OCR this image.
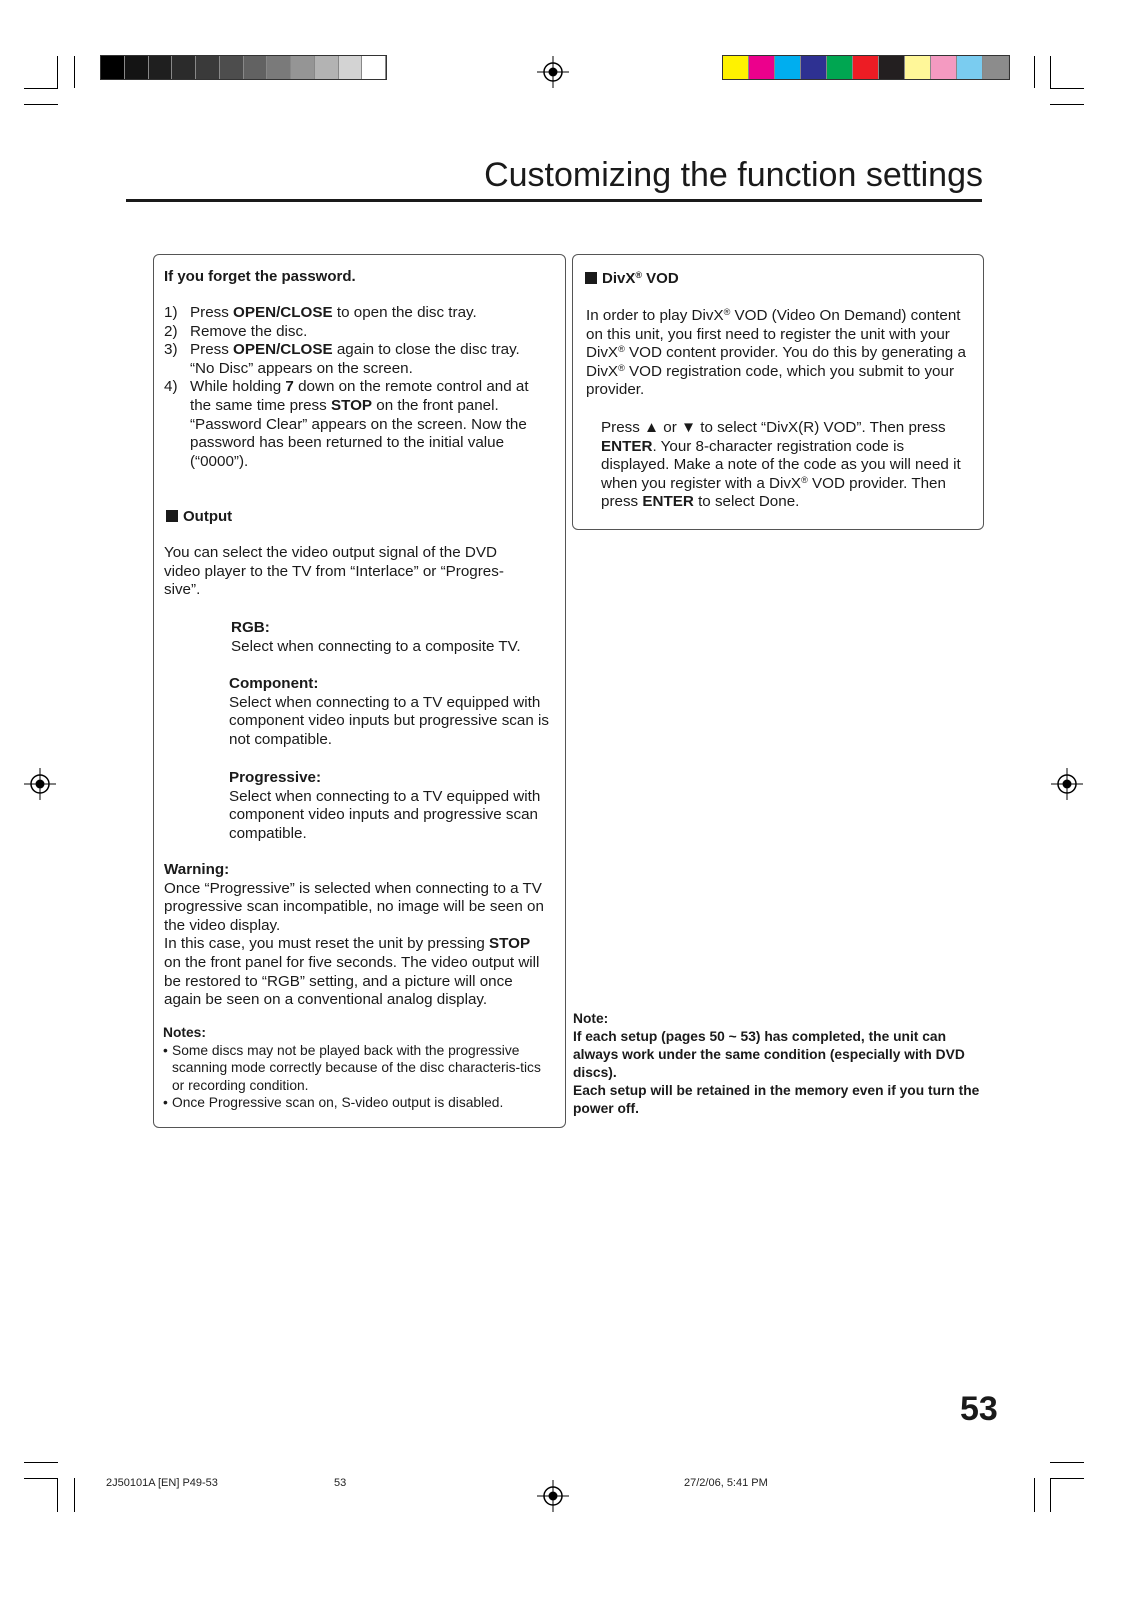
Customizing the function settings
If you forget the password.
1) Press OPEN/CLOSE to open the disc tray.
2) Remove the disc.
3) Press OPEN/CLOSE again to close the disc tray. “No Disc” appears on the screen.
4) While holding 7 down on the remote control and at the same time press STOP on the front panel. “Password Clear” appears on the screen. Now the password has been returned to the initial value (“0000”).
Output
You can select the video output signal of the DVD video player to the TV from “Interlace” or “Progres-sive”.
RGB:
Select when connecting to a composite TV.
Component:
Select when connecting to a TV equipped with component video inputs but progressive scan is not compatible.
Progressive:
Select when connecting to a TV equipped with component video inputs and progressive scan compatible.
Warning:
Once “Progressive” is selected when connecting to a TV progressive scan incompatible, no image will be seen on the video display.
In this case, you must reset the unit by pressing STOP on the front panel for five seconds. The video output will be restored to “RGB” setting, and a picture will once again be seen on a conventional analog display.
Notes:
• Some discs may not be played back with the progressive scanning mode correctly because of the disc characteris-tics or recording condition.
• Once Progressive scan on, S-video output is disabled.
DivX® VOD
In order to play DivX® VOD (Video On Demand) content on this unit, you first need to register the unit with your DivX® VOD content provider. You do this by generating a DivX® VOD registration code, which you submit to your provider.
Press ▲ or ▼ to select “DivX(R) VOD”. Then press ENTER. Your 8-character registration code is displayed. Make a note of the code as you will need it when you register with a DivX® VOD provider. Then press ENTER to select Done.
Note:
If each setup (pages 50 ~ 53) has completed, the unit can always work under the same condition (especially with DVD discs).
Each setup will be retained in the memory even if you turn the power off.
53
2J50101A [EN] P49-53	53	27/2/06, 5:41 PM
